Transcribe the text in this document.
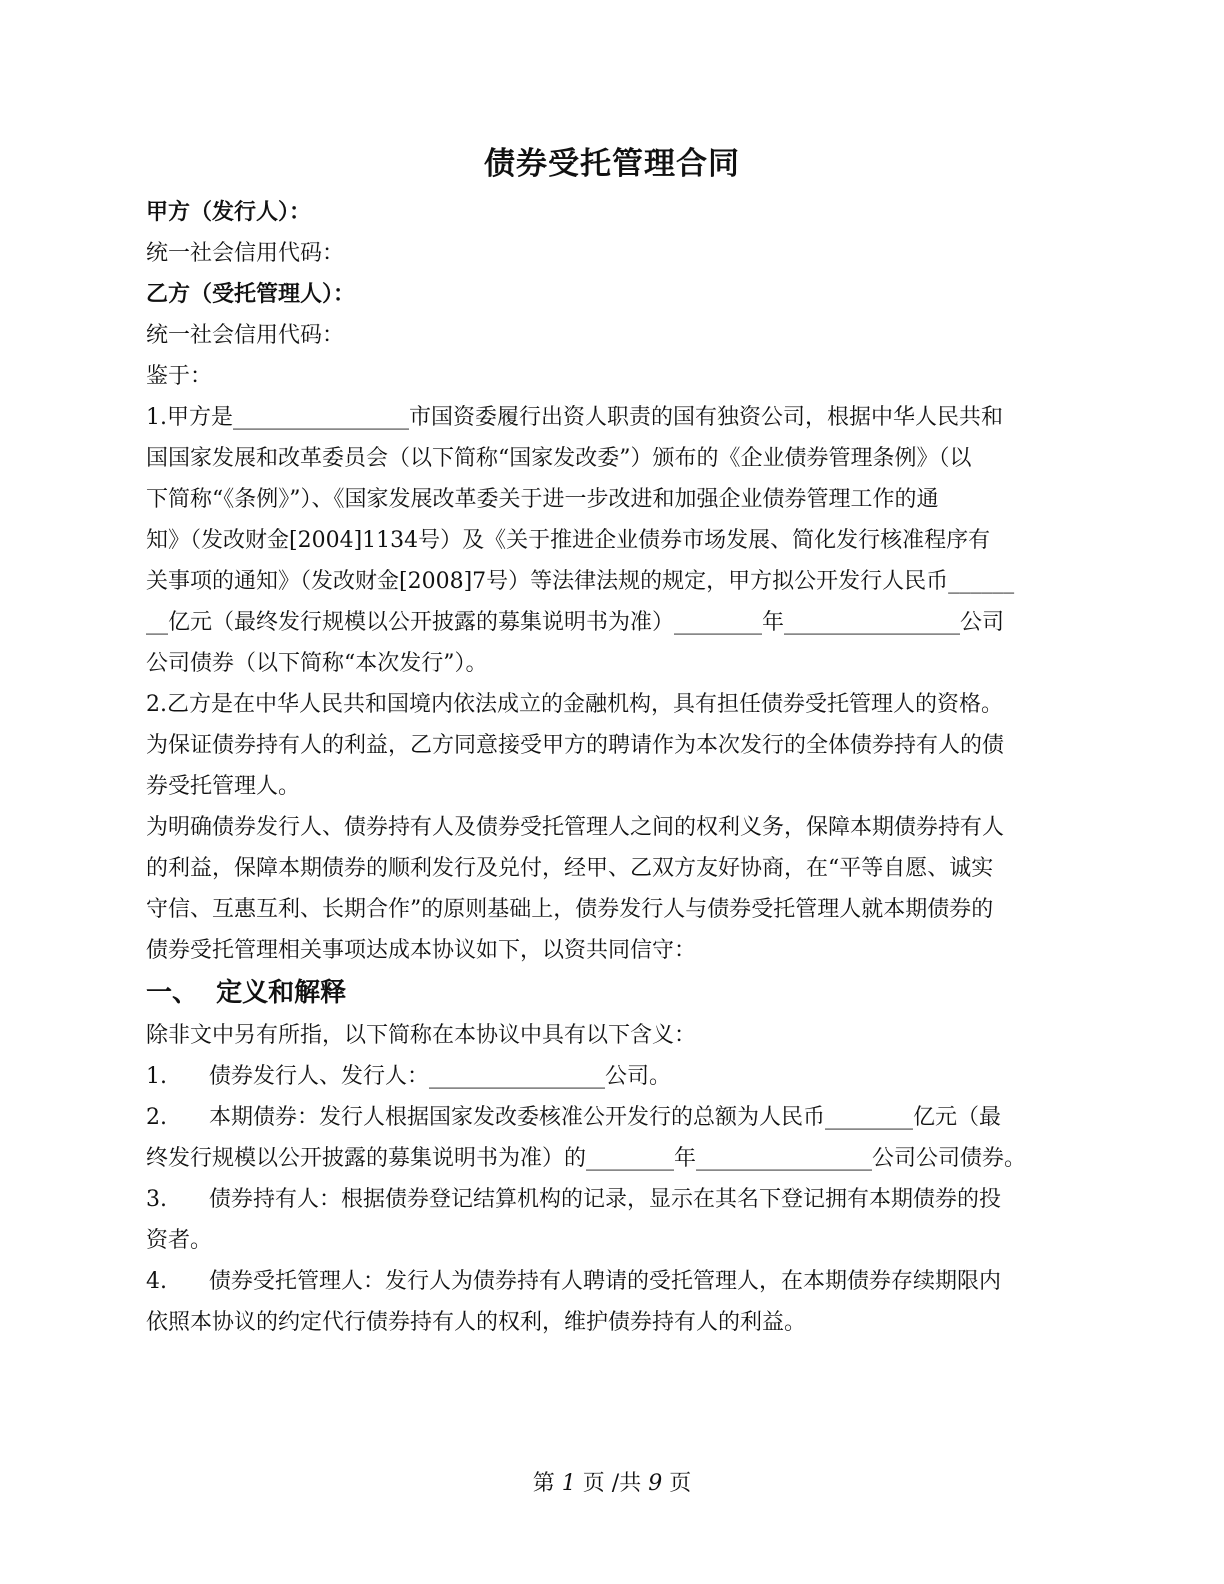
债券受托管理合同
甲方（发行人）：
统一社会信用代码：
乙方（受托管理人）：
统一社会信用代码：
鉴于：
1.甲方是________________市国资委履行出资人职责的国有独资公司，根据中华人民共和
国国家发展和改革委员会（以下简称“国家发改委”）颁布的《企业债券管理条例》（以
下简称“《条例》”）、《国家发展改革委关于进一步改进和加强企业债券管理工作的通
知》（发改财金[2004]1134号）及《关于推进企业债券市场发展、简化发行核准程序有
关事项的通知》（发改财金[2008]7号）等法律法规的规定，甲方拟公开发行人民币______
__亿元（最终发行规模以公开披露的募集说明书为准）________年________________公司
公司债券（以下简称“本次发行”）。
2.乙方是在中华人民共和国境内依法成立的金融机构，具有担任债券受托管理人的资格。
为保证债券持有人的利益，乙方同意接受甲方的聘请作为本次发行的全体债券持有人的债
券受托管理人。
为明确债券发行人、债券持有人及债券受托管理人之间的权利义务，保障本期债券持有人
的利益，保障本期债券的顺利发行及兑付，经甲、乙双方友好协商，在“平等自愿、诚实
守信、互惠互利、长期合作”的原则基础上，债券发行人与债券受托管理人就本期债券的
债券受托管理相关事项达成本协议如下，以资共同信守：
一、  定义和解释
除非文中另有所指，以下简称在本协议中具有以下含义：
1.      债券发行人、发行人：________________公司。
2.      本期债券：发行人根据国家发改委核准公开发行的总额为人民币________亿元（最
终发行规模以公开披露的募集说明书为准）的________年________________公司公司债券。
3.      债券持有人：根据债券登记结算机构的记录，显示在其名下登记拥有本期债券的投
资者。
4.      债券受托管理人：发行人为债券持有人聘请的受托管理人，在本期债券存续期限内
依照本协议的约定代行债券持有人的权利，维护债券持有人的利益。
第 1 页 /共 9 页
